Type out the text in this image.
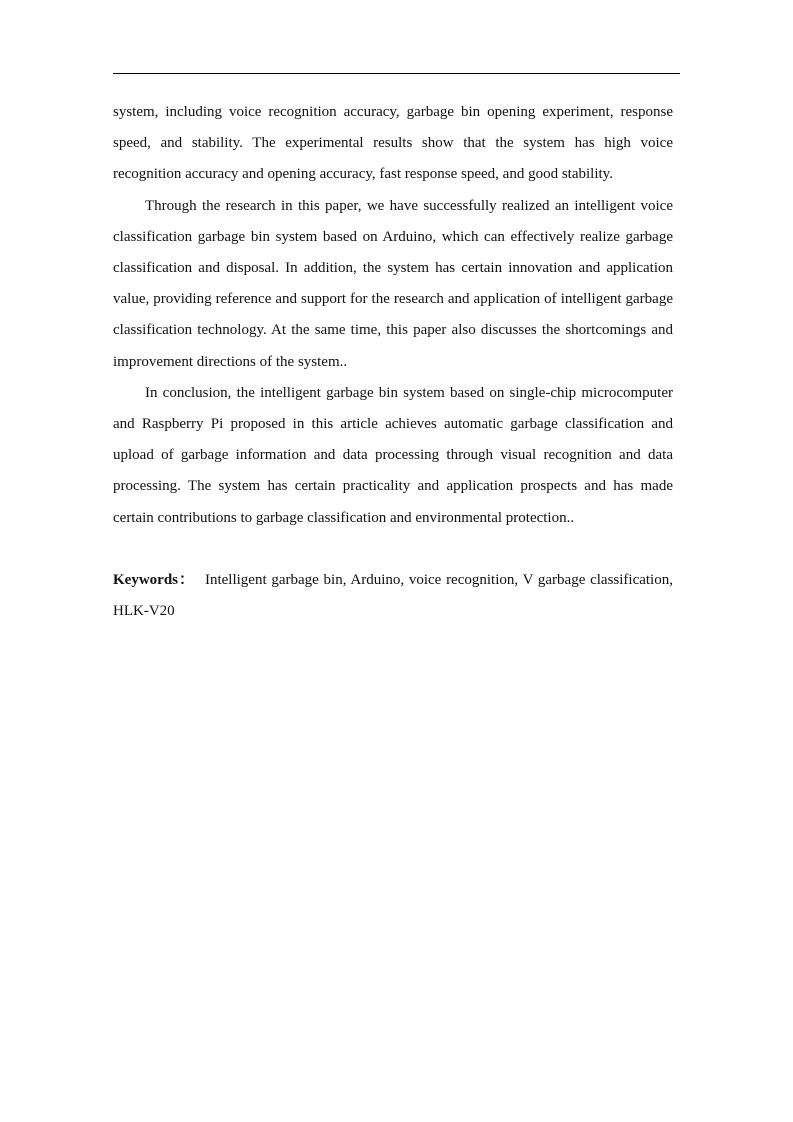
system, including voice recognition accuracy, garbage bin opening experiment, response speed, and stability. The experimental results show that the system has high voice recognition accuracy and opening accuracy, fast response speed, and good stability.

Through the research in this paper, we have successfully realized an intelligent voice classification garbage bin system based on Arduino, which can effectively realize garbage classification and disposal. In addition, the system has certain innovation and application value, providing reference and support for the research and application of intelligent garbage classification technology. At the same time, this paper also discusses the shortcomings and improvement directions of the system..

In conclusion, the intelligent garbage bin system based on single-chip microcomputer and Raspberry Pi proposed in this article achieves automatic garbage classification and upload of garbage information and data processing through visual recognition and data processing. The system has certain practicality and application prospects and has made certain contributions to garbage classification and environmental protection..

Keywords： Intelligent garbage bin, Arduino, voice recognition, V garbage classification, HLK-V20
